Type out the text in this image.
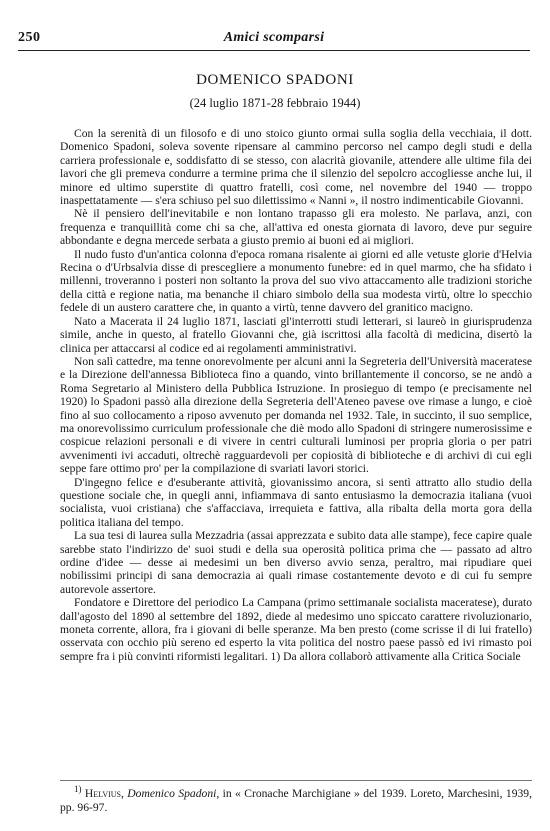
250	Amici scomparsi
DOMENICO SPADONI
(24 luglio 1871-28 febbraio 1944)

Con la serenità di un filosofo e di uno stoico giunto ormai sulla soglia della vecchiaia, il dott. Domenico Spadoni, soleva sovente ripensare al cammino percorso nel campo degli studi e della carriera professionale e, soddisfatto di se stesso, con alacrità giovanile, attendere alle ultime fila dei lavori che gli premeva condurre a termine prima che il silenzio del sepolcro accogliesse anche lui, il minore ed ultimo superstite di quattro fratelli, così come, nel novembre del 1940 — troppo inaspettatamente — s'era schiuso pel suo dilettissimo « Nanni », il nostro indimenticabile Giovanni.

Nè il pensiero dell'inevitabile e non lontano trapasso gli era molesto. Ne parlava, anzi, con frequenza e tranquillità come chi sa che, all'attiva ed onesta giornata di lavoro, deve pur seguire abbondante e degna mercede serbata a giusto premio ai buoni ed ai migliori.

Il nudo fusto d'un'antica colonna d'epoca romana risalente ai giorni ed alle vetuste glorie d'Helvia Recina o d'Urbsalvia disse di prescegliere a monumento funebre: ed in quel marmo, che ha sfidato i millenni, troveranno i posteri non soltanto la prova del suo vivo attaccamento alle tradizioni storiche della città e regione natia, ma benanche il chiaro simbolo della sua modesta virtù, oltre lo specchio fedele di un austero carattere che, in quanto a virtù, tenne davvero del granitico macigno.

Nato a Macerata il 24 luglio 1871, lasciati gl'interrotti studi letterari, si laureò in giurisprudenza simile, anche in questo, al fratello Giovanni che, già iscrittosi alla facoltà di medicina, disertò la clinica per attaccarsi al codice ed ai regolamenti amministrativi.

Non salì cattedre, ma tenne onorevolmente per alcuni anni la Segreteria dell'Università maceratese e la Direzione dell'annessa Biblioteca fino a quando, vinto brillantemente il concorso, se ne andò a Roma Segretario al Ministero della Pubblica Istruzione. In prosieguo di tempo (e precisamente nel 1920) lo Spadoni passò alla direzione della Segreteria dell'Ateneo pavese ove rimase a lungo, e cioè fino al suo collocamento a riposo avvenuto per domanda nel 1932. Tale, in succinto, il suo semplice, ma onorevolissimo curriculum professionale che diè modo allo Spadoni di stringere numerosissime e cospicue relazioni personali e di vivere in centri culturali luminosi per propria gloria o per patri avvenimenti ivi accaduti, oltrechè ragguardevoli per copiosità di biblioteche e di archivi di cui egli seppe fare ottimo pro' per la compilazione di svariati lavori storici.

D'ingegno felice e d'esuberante attività, giovanissimo ancora, si sentì attratto allo studio della questione sociale che, in quegli anni, infiammava di santo entusiasmo la democrazia italiana (vuoi socialista, vuoi cristiana) che s'affacciava, irrequieta e fattiva, alla ribalta della morta gora della politica italiana del tempo.

La sua tesi di laurea sulla Mezzadria (assai apprezzata e subito data alle stampe), fece capire quale sarebbe stato l'indirizzo de' suoi studi e della sua operosità politica prima che — passato ad altro ordine d'idee — desse ai medesimi un ben diverso avvio senza, peraltro, mai ripudiare quei nobilissimi principi di sana democrazia ai quali rimase costantemente devoto e di cui fu sempre autorevole assertore.

Fondatore e Direttore del periodico La Campana (primo settimanale socialista maceratese), durato dall'agosto del 1890 al settembre del 1892, diede al medesimo uno spiccato carattere rivoluzionario, moneta corrente, allora, fra i giovani di belle speranze. Ma ben presto (come scrisse il di lui fratello) osservata con occhio più sereno ed esperto la vita politica del nostro paese passò ed ivi rimasto poi sempre fra i più convinti riformisti legalitari. 1) Da allora collaborò attivamente alla Critica Sociale

$^{1)}$ Helvius, Domenico Spadoni, in « Cronache Marchigiane » del 1939. Loreto, Marchesini, 1939, pp. 96-97.
